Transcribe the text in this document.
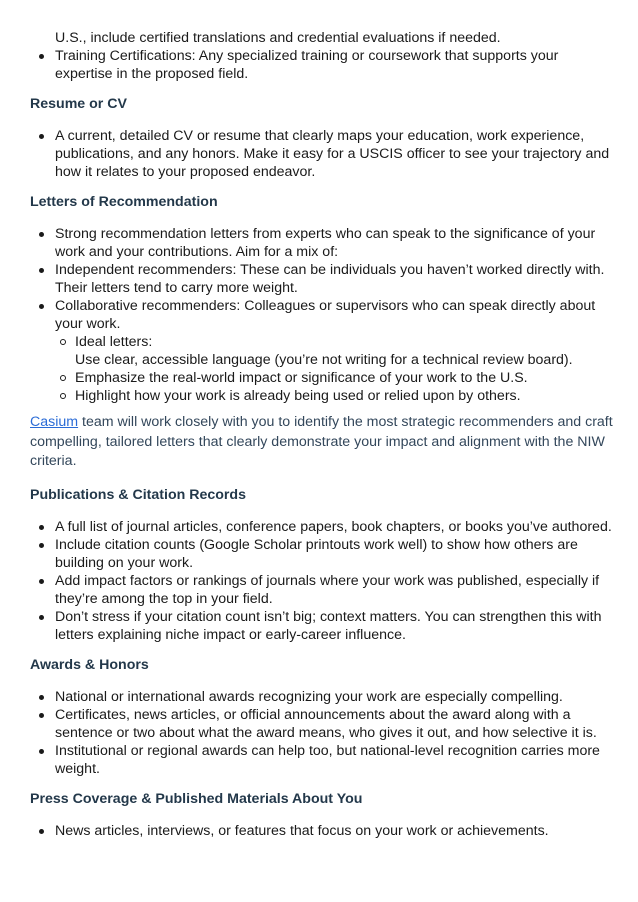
U.S., include certified translations and credential evaluations if needed.
Training Certifications: Any specialized training or coursework that supports your expertise in the proposed field.
Resume or CV
A current, detailed CV or resume that clearly maps your education, work experience, publications, and any honors. Make it easy for a USCIS officer to see your trajectory and how it relates to your proposed endeavor.
Letters of Recommendation
Strong recommendation letters from experts who can speak to the significance of your work and your contributions. Aim for a mix of:
Independent recommenders: These can be individuals you haven’t worked directly with. Their letters tend to carry more weight.
Collaborative recommenders: Colleagues or supervisors who can speak directly about your work.
Ideal letters:
Use clear, accessible language (you’re not writing for a technical review board).
Emphasize the real-world impact or significance of your work to the U.S.
Highlight how your work is already being used or relied upon by others.

Casium team will work closely with you to identify the most strategic recommenders and craft compelling, tailored letters that clearly demonstrate your impact and alignment with the NIW criteria.

Publications & Citation Records
A full list of journal articles, conference papers, book chapters, or books you’ve authored.
Include citation counts (Google Scholar printouts work well) to show how others are building on your work.
Add impact factors or rankings of journals where your work was published, especially if they’re among the top in your field.
Don’t stress if your citation count isn’t big; context matters. You can strengthen this with letters explaining niche impact or early-career influence.
Awards & Honors
National or international awards recognizing your work are especially compelling.
Certificates, news articles, or official announcements about the award along with a sentence or two about what the award means, who gives it out, and how selective it is.
Institutional or regional awards can help too, but national-level recognition carries more weight.
Press Coverage & Published Materials About You
News articles, interviews, or features that focus on your work or achievements.
